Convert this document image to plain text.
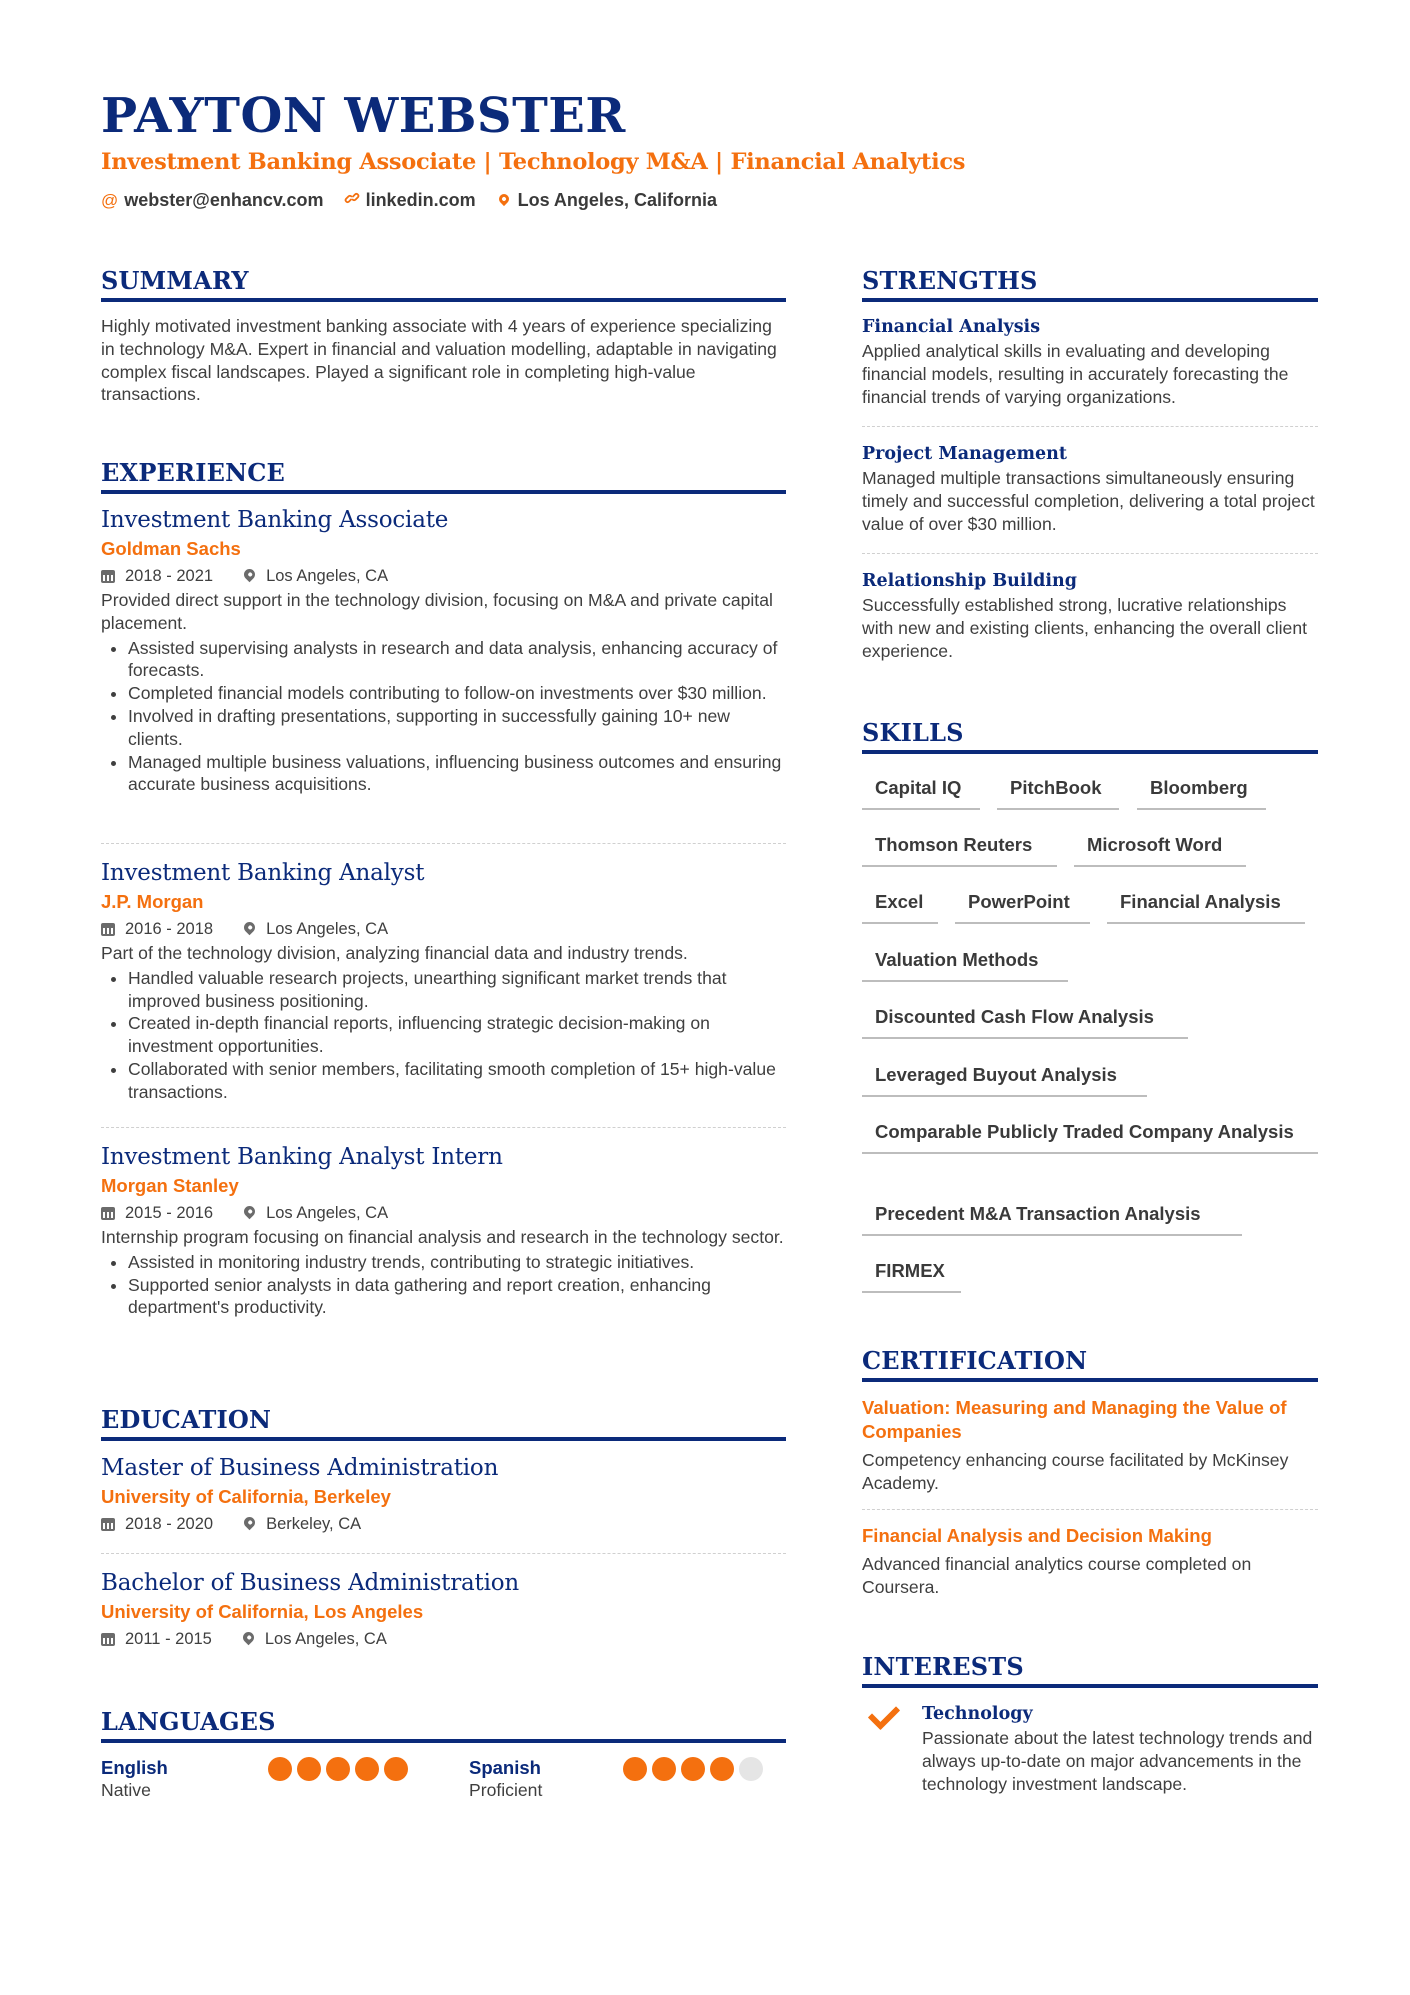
PAYTON WEBSTER
Investment Banking Associate | Technology M&A | Financial Analytics
@ webster@enhancv.com linkedin.com Los Angeles, California
SUMMARY
Highly motivated investment banking associate with 4 years of experience specializing in technology M&A. Expert in financial and valuation modelling, adaptable in navigating complex fiscal landscapes. Played a significant role in completing high-value transactions.
EXPERIENCE
Investment Banking Associate
Goldman Sachs
2018 - 2021	Los Angeles, CA
Provided direct support in the technology division, focusing on M&A and private capital placement.
• Assisted supervising analysts in research and data analysis, enhancing accuracy of forecasts.
• Completed financial models contributing to follow-on investments over $30 million.
• Involved in drafting presentations, supporting in successfully gaining 10+ new clients.
• Managed multiple business valuations, influencing business outcomes and ensuring accurate business acquisitions.
Investment Banking Analyst
J.P. Morgan
2016 - 2018	Los Angeles, CA
Part of the technology division, analyzing financial data and industry trends.
• Handled valuable research projects, unearthing significant market trends that improved business positioning.
• Created in-depth financial reports, influencing strategic decision-making on investment opportunities.
• Collaborated with senior members, facilitating smooth completion of 15+ high-value transactions.
Investment Banking Analyst Intern
Morgan Stanley
2015 - 2016	Los Angeles, CA
Internship program focusing on financial analysis and research in the technology sector.
• Assisted in monitoring industry trends, contributing to strategic initiatives.
• Supported senior analysts in data gathering and report creation, enhancing department's productivity.
EDUCATION
Master of Business Administration
University of California, Berkeley
2018 - 2020	Berkeley, CA
Bachelor of Business Administration
University of California, Los Angeles
2011 - 2015	Los Angeles, CA
LANGUAGES
English
Native
Spanish
Proficient
STRENGTHS
Financial Analysis
Applied analytical skills in evaluating and developing financial models, resulting in accurately forecasting the financial trends of varying organizations.
Project Management
Managed multiple transactions simultaneously ensuring timely and successful completion, delivering a total project value of over $30 million.
Relationship Building
Successfully established strong, lucrative relationships with new and existing clients, enhancing the overall client experience.
SKILLS
Capital IQ	PitchBook	Bloomberg
Thomson Reuters	Microsoft Word
Excel	PowerPoint	Financial Analysis
Valuation Methods
Discounted Cash Flow Analysis
Leveraged Buyout Analysis
Comparable Publicly Traded Company Analysis
Precedent M&A Transaction Analysis
FIRMEX
CERTIFICATION
Valuation: Measuring and Managing the Value of Companies
Competency enhancing course facilitated by McKinsey Academy.
Financial Analysis and Decision Making
Advanced financial analytics course completed on Coursera.
INTERESTS
Technology
Passionate about the latest technology trends and always up-to-date on major advancements in the technology investment landscape.
